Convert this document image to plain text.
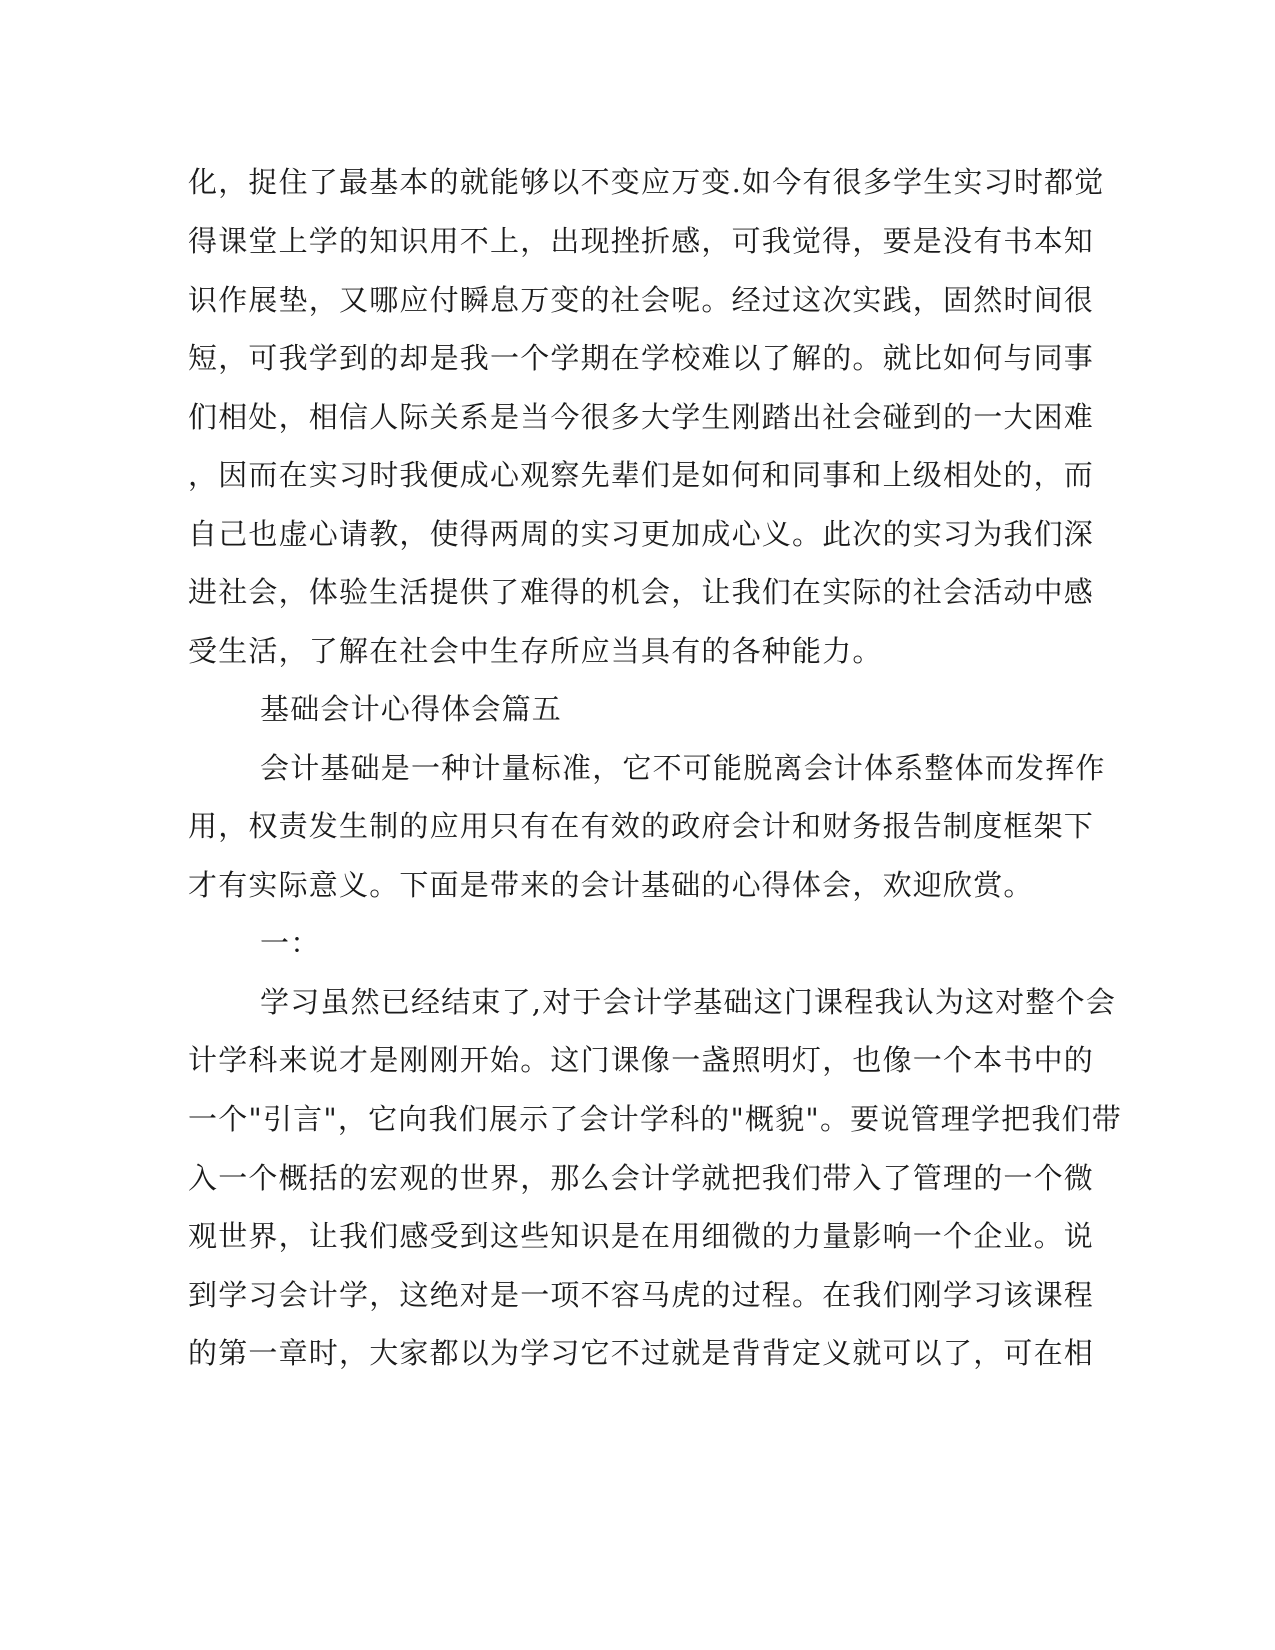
化，捉住了最基本的就能够以不变应万变.如今有很多学生实习时都觉
得课堂上学的知识用不上，出现挫折感，可我觉得，要是没有书本知
识作展垫，又哪应付瞬息万变的社会呢。经过这次实践，固然时间很
短，可我学到的却是我一个学期在学校难以了解的。就比如何与同事
们相处，相信人际关系是当今很多大学生刚踏出社会碰到的一大困难
，因而在实习时我便成心观察先辈们是如何和同事和上级相处的，而
自己也虚心请教，使得两周的实习更加成心义。此次的实习为我们深
进社会，体验生活提供了难得的机会，让我们在实际的社会活动中感
受生活，了解在社会中生存所应当具有的各种能力。
基础会计心得体会篇五
会计基础是一种计量标准，它不可能脱离会计体系整体而发挥作
用，权责发生制的应用只有在有效的政府会计和财务报告制度框架下
才有实际意义。下面是带来的会计基础的心得体会，欢迎欣赏。
一：
学习虽然已经结束了,对于会计学基础这门课程我认为这对整个会
计学科来说才是刚刚开始。这门课像一盏照明灯，也像一个本书中的
一个"引言"，它向我们展示了会计学科的"概貌"。要说管理学把我们带
入一个概括的宏观的世界，那么会计学就把我们带入了管理的一个微
观世界，让我们感受到这些知识是在用细微的力量影响一个企业。说
到学习会计学，这绝对是一项不容马虎的过程。在我们刚学习该课程
的第一章时，大家都以为学习它不过就是背背定义就可以了，可在相
